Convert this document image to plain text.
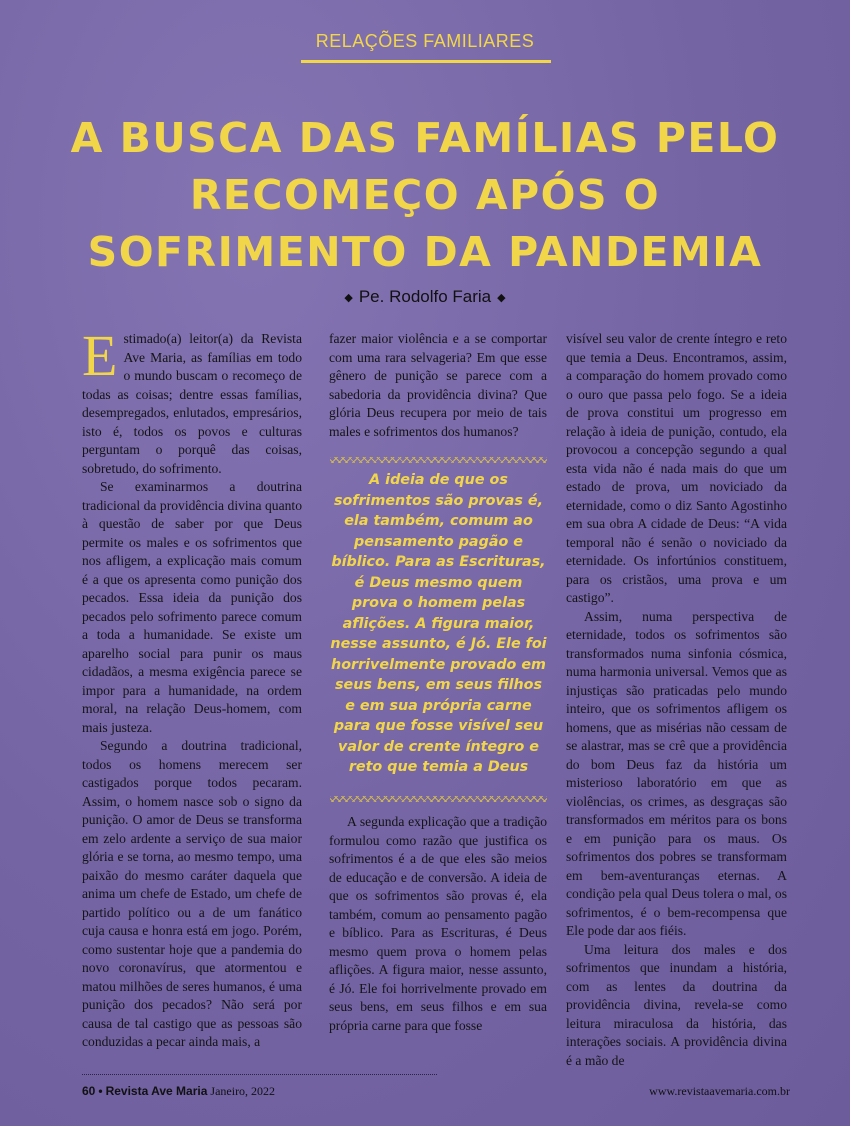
RELAÇÕES FAMILIARES
A BUSCA DAS FAMÍLIAS PELO RECOMEÇO APÓS O SOFRIMENTO DA PANDEMIA
◆ Pe. Rodolfo Faria ◆

Estimado(a) leitor(a) da Revista Ave Maria, as famílias em todo o mundo buscam o recomeço de todas as coisas; dentre essas famílias, desempregados, enlutados, empresários, isto é, todos os povos e culturas perguntam o porquê das coisas, sobretudo, do sofrimento.

Se examinarmos a doutrina tradicional da providência divina quanto à questão de saber por que Deus permite os males e os sofrimentos que nos afligem, a explicação mais comum é a que os apresenta como punição dos pecados. Essa ideia da punição dos pecados pelo sofrimento parece comum a toda a humanidade. Se existe um aparelho social para punir os maus cidadãos, a mesma exigência parece se impor para a humanidade, na ordem moral, na relação Deus-homem, com mais justeza.

Segundo a doutrina tradicional, todos os homens merecem ser castigados porque todos pecaram. Assim, o homem nasce sob o signo da punição. O amor de Deus se transforma em zelo ardente a serviço de sua maior glória e se torna, ao mesmo tempo, uma paixão do mesmo caráter daquela que anima um chefe de Estado, um chefe de partido político ou a de um fanático cuja causa e honra está em jogo. Porém, como sustentar hoje que a pandemia do novo coronavírus, que atormentou e matou milhões de seres humanos, é uma punição dos pecados? Não será por causa de tal castigo que as pessoas são conduzidas a pecar ainda mais, a

fazer maior violência e a se comportar com uma rara selvageria? Em que esse gênero de punição se parece com a sabedoria da providência divina? Que glória Deus recupera por meio de tais males e sofrimentos dos humanos?

A ideia de que os sofrimentos são provas é, ela também, comum ao pensamento pagão e bíblico. Para as Escrituras, é Deus mesmo quem prova o homem pelas aflições. A figura maior, nesse assunto, é Jó. Ele foi horrivelmente provado em seus bens, em seus filhos e em sua própria carne para que fosse visível seu valor de crente íntegro e reto que temia a Deus

A segunda explicação que a tradição formulou como razão que justifica os sofrimentos é a de que eles são meios de educação e de conversão. A ideia de que os sofrimentos são provas é, ela também, comum ao pensamento pagão e bíblico. Para as Escrituras, é Deus mesmo quem prova o homem pelas aflições. A figura maior, nesse assunto, é Jó. Ele foi horrivelmente provado em seus bens, em seus filhos e em sua própria carne para que fosse

visível seu valor de crente íntegro e reto que temia a Deus. Encontramos, assim, a comparação do homem provado como o ouro que passa pelo fogo. Se a ideia de prova constitui um progresso em relação à ideia de punição, contudo, ela provocou a concepção segundo a qual esta vida não é nada mais do que um estado de prova, um noviciado da eternidade, como o diz Santo Agostinho em sua obra A cidade de Deus: “A vida temporal não é senão o noviciado da eternidade. Os infortúnios constituem, para os cristãos, uma prova e um castigo”.

Assim, numa perspectiva de eternidade, todos os sofrimentos são transformados numa sinfonia cósmica, numa harmonia universal. Vemos que as injustiças são praticadas pelo mundo inteiro, que os sofrimentos afligem os homens, que as misérias não cessam de se alastrar, mas se crê que a providência do bom Deus faz da história um misterioso laboratório em que as violências, os crimes, as desgraças são transformados em méritos para os bons e em punição para os maus. Os sofrimentos dos pobres se transformam em bem-aventuranças eternas. A condição pela qual Deus tolera o mal, os sofrimentos, é o bem-recompensa que Ele pode dar aos fiéis.

Uma leitura dos males e dos sofrimentos que inundam a história, com as lentes da doutrina da providência divina, revela-se como leitura miraculosa da história, das interações sociais. A providência divina é a mão de

60 • Revista Ave Maria Janeiro, 2022	www.revistaavemaria.com.br
